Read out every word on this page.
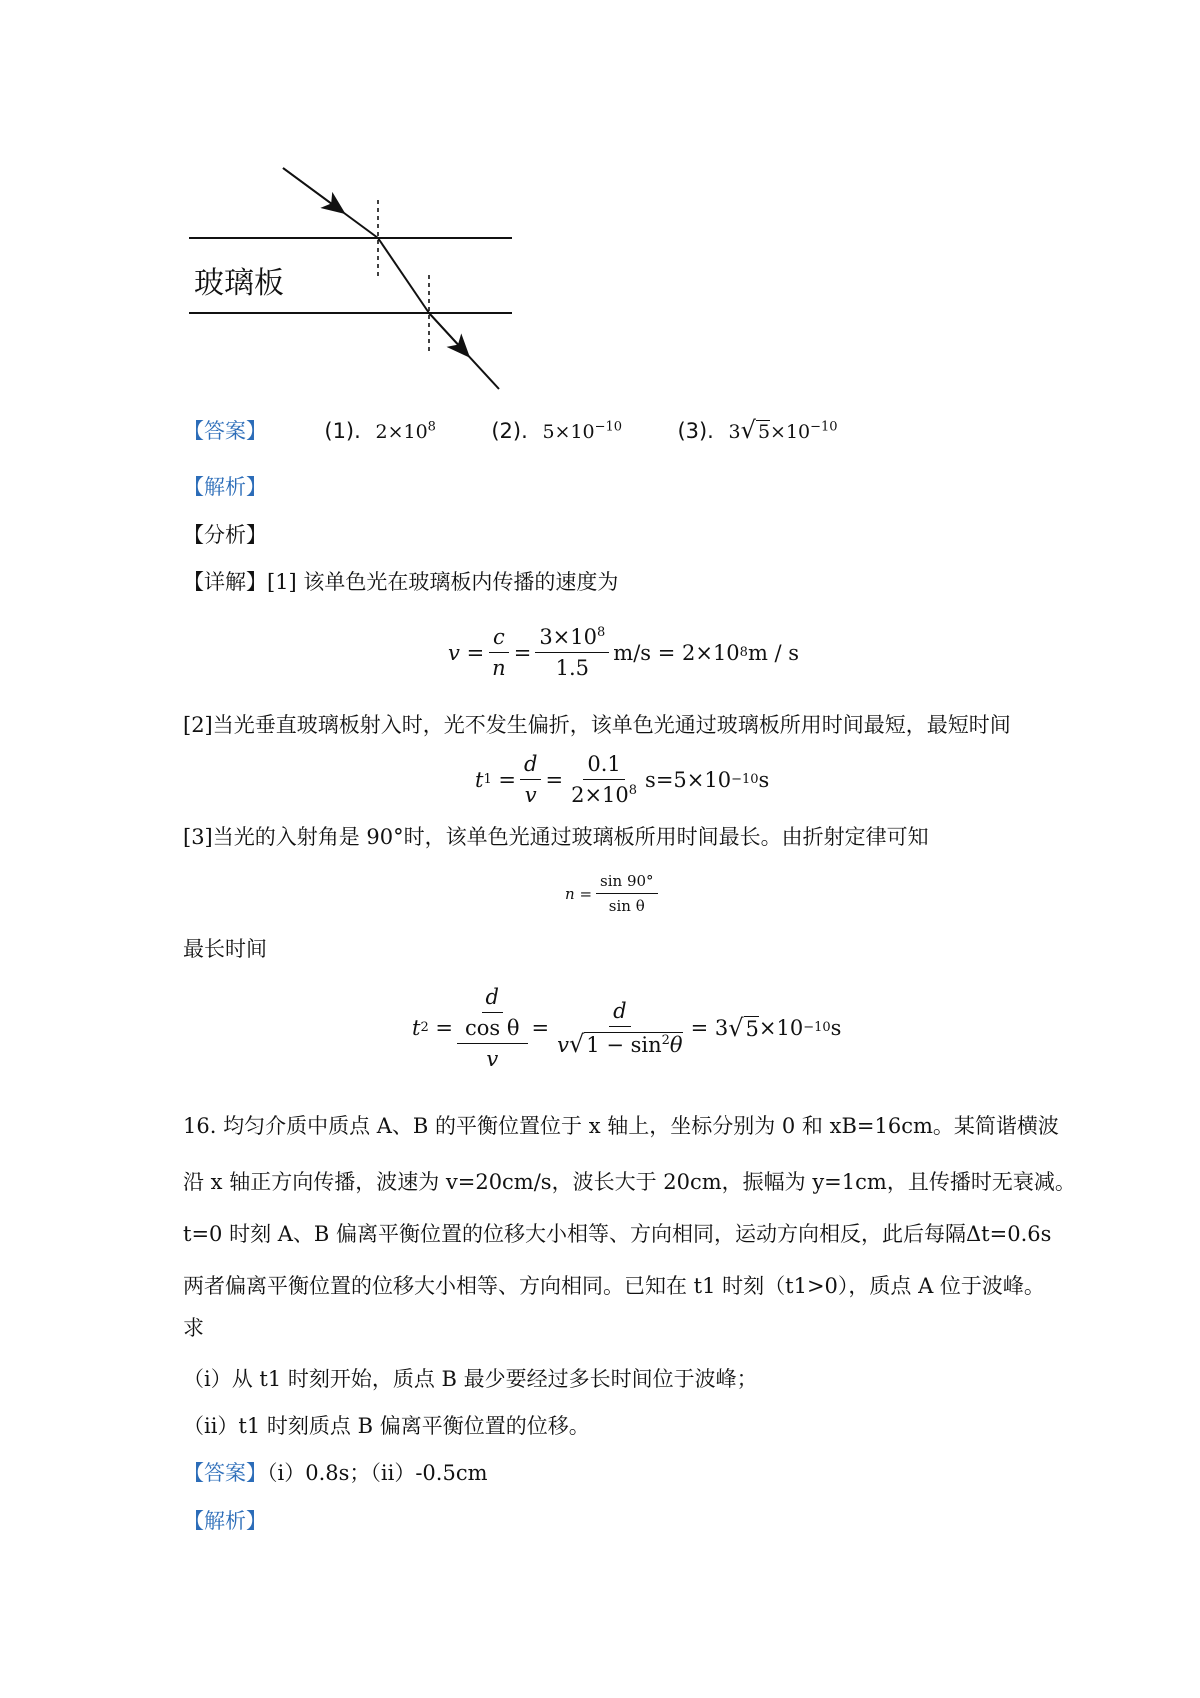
玻璃板
【答案】	(1). $2\times 10^8$	(2). $5\times 10^{-10}$	(3). 3√ $5\times 10^{-10}$
【解析】
【分析】
【详解】[1] 该单色光在玻璃板内传播的速度为
v
= $\frac{c}{n} = \frac{3\times 10^8}{1.5} m/s = 2\times 10$ 8 m / s
[2]当光垂直玻璃板射入时，光不发生偏折，该单色光通过玻璃板所用时间最短，最短时间
t $1 = \frac{d}{v} = \frac{0.1}{2\times 10^8} s=5\times 10 -10$ s
[3]当光的入射角是 90°时，该单色光通过玻璃板所用时间最长。由折射定律可知
$n = \frac{\sin 90^\circ}{\text{sin θ}}$
最长时间
t $2 = \frac{\frac{d}{\text{cos θ}}}{v} = \frac{d}{v√1 - \sin^2\theta} = 3$ √ 5 ×10 −10 s
16. 均匀介质中质点 A、B 的平衡位置位于 x 轴上，坐标分别为 0 和 xB=16cm。某简谐横波
沿 x 轴正方向传播，波速为 v=20cm/s，波长大于 20cm，振幅为 y=1cm，且传播时无衰减。
t=0 时刻 A、B 偏离平衡位置的位移大小相等、方向相同，运动方向相反，此后每隔Δt=0.6s
两者偏离平衡位置的位移大小相等、方向相同。已知在 t1 时刻（t1>0），质点 A 位于波峰。
求
（i）从 t1 时刻开始，质点 B 最少要经过多长时间位于波峰；
（ii）t1 时刻质点 B 偏离平衡位置的位移。
【答案】（i）0.8s；（ii）-0.5cm
【解析】
